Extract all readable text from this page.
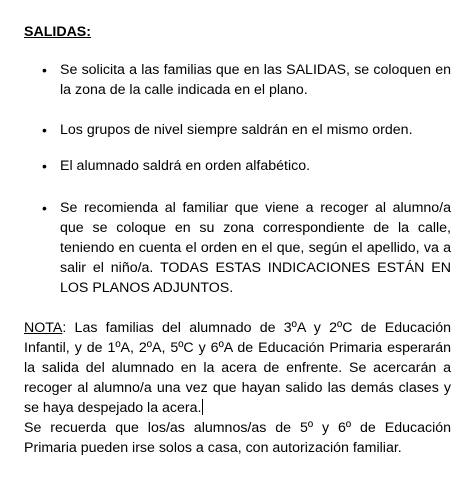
SALIDAS:
• Se solicita a las familias que en las SALIDAS, se coloquen en la zona de la calle indicada en el plano.
• Los grupos de nivel siempre saldrán en el mismo orden.
• El alumnado saldrá en orden alfabético.
• Se recomienda al familiar que viene a recoger al alumno/a que se coloque en su zona correspondiente de la calle, teniendo en cuenta el orden en el que, según el apellido, va a salir el niño/a. TODAS ESTAS INDICACIONES ESTÁN EN LOS PLANOS ADJUNTOS.
NOTA: Las familias del alumnado de 3ºA y 2ºC de Educación Infantil, y de 1ºA, 2ºA, 5ºC y 6ºA de Educación Primaria esperarán la salida del alumnado en la acera de enfrente. Se acercarán a recoger al alumno/a una vez que hayan salido las demás clases y se haya despejado la acera.
Se recuerda que los/as alumnos/as de 5º y 6º de Educación Primaria pueden irse solos a casa, con autorización familiar.
